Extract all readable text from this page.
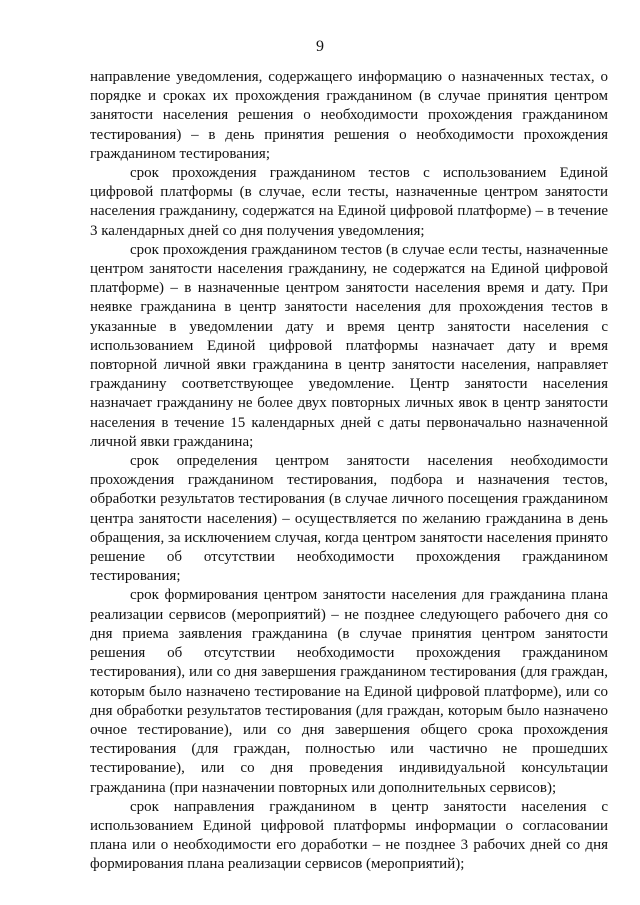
9

направление уведомления, содержащего информацию о назначенных тестах, о порядке и сроках их прохождения гражданином (в случае принятия центром занятости населения решения о необходимости прохождения гражданином тестирования) – в день принятия решения о необходимости прохождения гражданином тестирования;

срок прохождения гражданином тестов с использованием Единой цифровой платформы (в случае, если тесты, назначенные центром занятости населения гражданину, содержатся на Единой цифровой платформе) – в течение 3 календарных дней со дня получения уведомления;

срок прохождения гражданином тестов (в случае если тесты, назначенные центром занятости населения гражданину, не содержатся на Единой цифровой платформе) – в назначенные центром занятости населения время и дату. При неявке гражданина в центр занятости населения для прохождения тестов в указанные в уведомлении дату и время центр занятости населения с использованием Единой цифровой платформы назначает дату и время повторной личной явки гражданина в центр занятости населения, направляет гражданину соответствующее уведомление. Центр занятости населения назначает гражданину не более двух повторных личных явок в центр занятости населения в течение 15 календарных дней с даты первоначально назначенной личной явки гражданина;

срок определения центром занятости населения необходимости прохождения гражданином тестирования, подбора и назначения тестов, обработки результатов тестирования (в случае личного посещения гражданином центра занятости населения) – осуществляется по желанию гражданина в день обращения, за исключением случая, когда центром занятости населения принято решение об отсутствии необходимости прохождения гражданином тестирования;

срок формирования центром занятости населения для гражданина плана реализации сервисов (мероприятий) – не позднее следующего рабочего дня со дня приема заявления гражданина (в случае принятия центром занятости решения об отсутствии необходимости прохождения гражданином тестирования), или со дня завершения гражданином тестирования (для граждан, которым было назначено тестирование на Единой цифровой платформе), или со дня обработки результатов тестирования (для граждан, которым было назначено очное тестирование), или со дня завершения общего срока прохождения тестирования (для граждан, полностью или частично не прошедших тестирование), или со дня проведения индивидуальной консультации гражданина (при назначении повторных или дополнительных сервисов);

срок направления гражданином в центр занятости населения с использованием Единой цифровой платформы информации о согласовании плана или о необходимости его доработки – не позднее 3 рабочих дней со дня формирования плана реализации сервисов (мероприятий);
